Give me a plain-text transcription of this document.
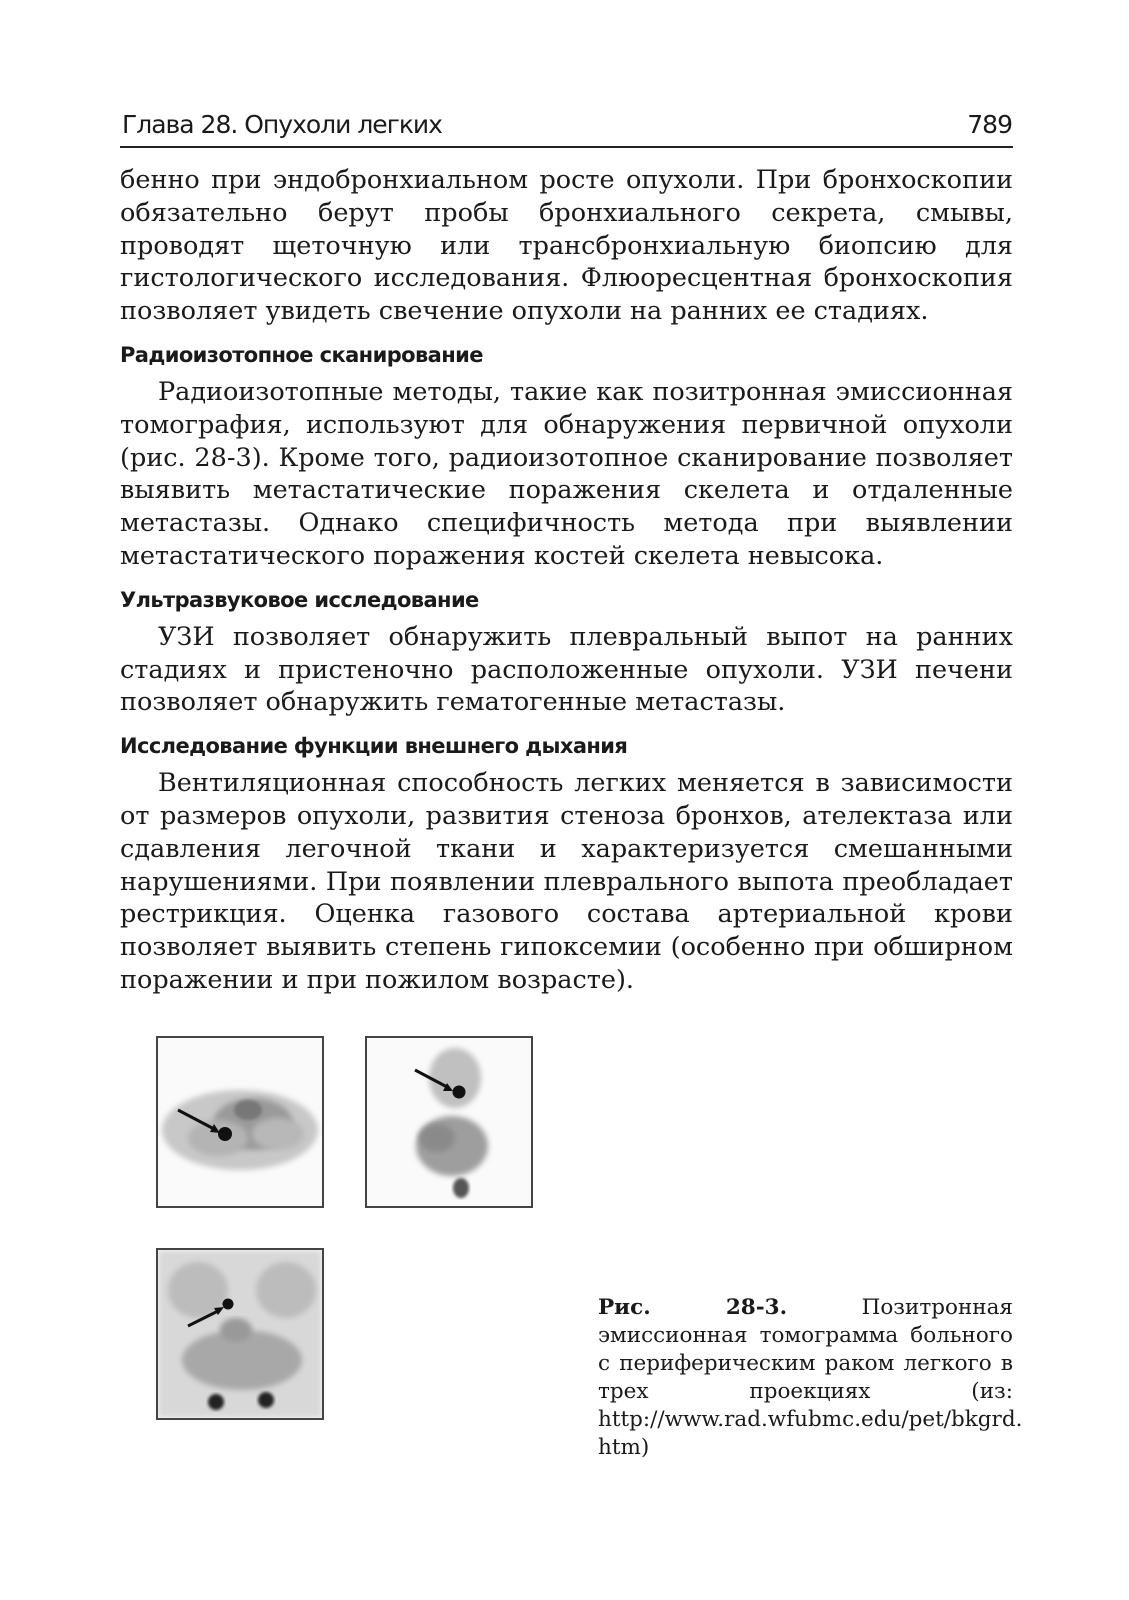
Глава 28. Опухоли легких	789

бенно при эндобронхиальном росте опухоли. При бронхоскопии обязательно берут пробы бронхиального секрета, смывы, проводят щеточную или трансбронхиальную биопсию для гистологического исследования. Флюоресцентная бронхоскопия позволяет увидеть свечение опухоли на ранних ее стадиях.

Радиоизотопное сканирование

Радиоизотопные методы, такие как позитронная эмиссионная томография, используют для обнаружения первичной опухоли (рис. 28-3). Кроме того, радиоизотопное сканирование позволяет выявить метастатические поражения скелета и отдаленные метастазы. Однако специфичность метода при выявлении метастатического поражения костей скелета невысока.

Ультразвуковое исследование

УЗИ позволяет обнаружить плевральный выпот на ранних стадиях и пристеночно расположенные опухоли. УЗИ печени позволяет обнаружить гематогенные метастазы.

Исследование функции внешнего дыхания

Вентиляционная способность легких меняется в зависимости от размеров опухоли, развития стеноза бронхов, ателектаза или сдавления легочной ткани и характеризуется смешанными нарушениями. При появлении плеврального выпота преобладает рестрикция. Оценка газового состава артериальной крови позволяет выявить степень гипоксемии (особенно при обширном поражении и при пожилом возрасте).

Рис. 28-3.	Позитронная эмиссионная томограмма больного с периферическим раком легкого в трех проекциях (из: http://www.rad.wfubmc.edu/pet/bkgrd. htm)
